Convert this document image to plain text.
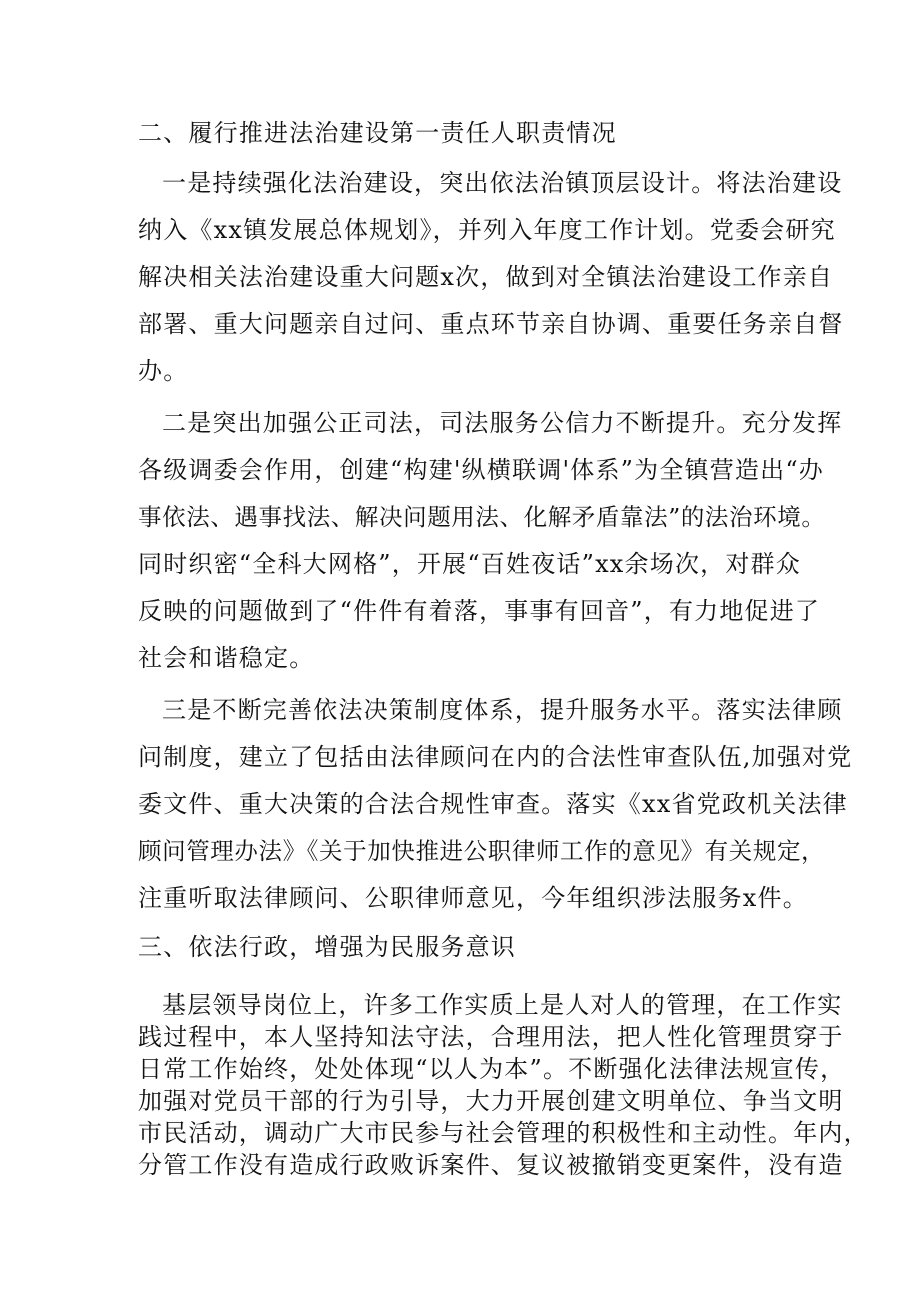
二、履行推进法治建设第一责任人职责情况
一是持续强化法治建设，突出依法治镇顶层设计。将法治建设
纳入《xx镇发展总体规划》，并列入年度工作计划。党委会研究
解决相关法治建设重大问题x次，做到对全镇法治建设工作亲自
部署、重大问题亲自过问、重点环节亲自协调、重要任务亲自督
办。
二是突出加强公正司法，司法服务公信力不断提升。充分发挥
各级调委会作用，创建“构建'纵横联调'体系”为全镇营造出“办
事依法、遇事找法、解决问题用法、化解矛盾靠法”的法治环境。
同时织密“全科大网格”，开展“百姓夜话”xx余场次，对群众
反映的问题做到了“件件有着落，事事有回音”，有力地促进了
社会和谐稳定。
三是不断完善依法决策制度体系，提升服务水平。落实法律顾
问制度，建立了包括由法律顾问在内的合法性审查队伍,加强对党
委文件、重大决策的合法合规性审查。落实《xx省党政机关法律
顾问管理办法》《关于加快推进公职律师工作的意见》有关规定，
注重听取法律顾问、公职律师意见，今年组织涉法服务x件。
三、依法行政，增强为民服务意识
基层领导岗位上，许多工作实质上是人对人的管理，在工作实
践过程中，本人坚持知法守法，合理用法，把人性化管理贯穿于
日常工作始终，处处体现“以人为本”。不断强化法律法规宣传，
加强对党员干部的行为引导，大力开展创建文明单位、争当文明
市民活动，调动广大市民参与社会管理的积极性和主动性。年内，
分管工作没有造成行政败诉案件、复议被撤销变更案件，没有造
